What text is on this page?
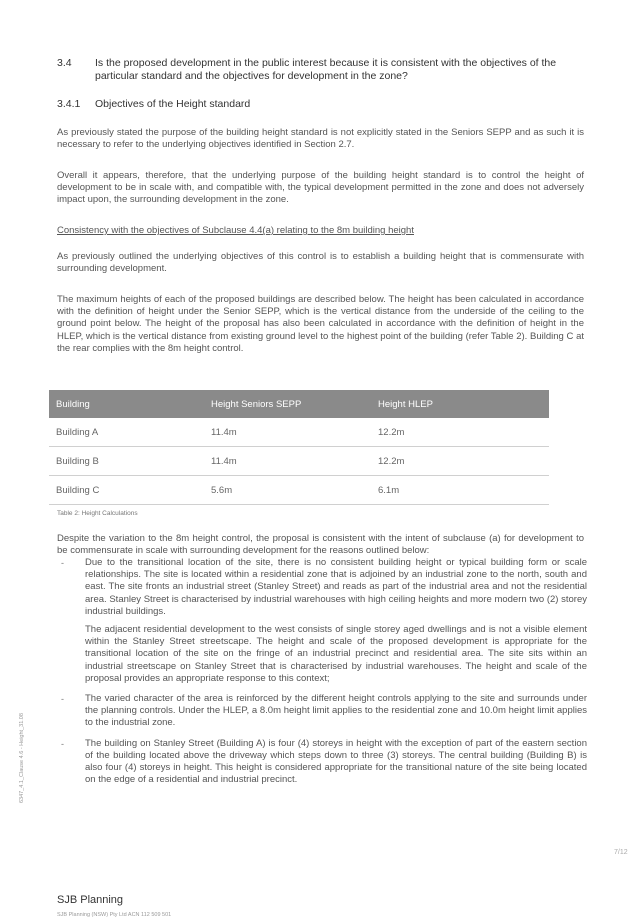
3.4 Is the proposed development in the public interest because it is consistent with the objectives of the particular standard and the objectives for development in the zone?
3.4.1 Objectives of the Height standard
As previously stated the purpose of the building height standard is not explicitly stated in the Seniors SEPP and as such it is necessary to refer to the underlying objectives identified in Section 2.7.
Overall it appears, therefore, that the underlying purpose of the building height standard is to control the height of development to be in scale with, and compatible with, the typical development permitted in the zone and does not adversely impact upon, the surrounding development in the zone.
Consistency with the objectives of Subclause 4.4(a) relating to the 8m building height
As previously outlined the underlying objectives of this control is to establish a building height that is commensurate with surrounding development.
The maximum heights of each of the proposed buildings are described below. The height has been calculated in accordance with the definition of height under the Senior SEPP, which is the vertical distance from the underside of the ceiling to the ground point below. The height of the proposal has also been calculated in accordance with the definition of height in the HLEP, which is the vertical distance from existing ground level to the highest point of the building (refer Table 2). Building C at the rear complies with the 8m height control.
Building	Height Seniors SEPP	Height HLEP
Building A	11.4m	12.2m
Building B	11.4m	12.2m
Building C	5.6m	6.1m
Table 2: Height Calculations
Despite the variation to the 8m height control, the proposal is consistent with the intent of subclause (a) for development to be commensurate in scale with surrounding development for the reasons outlined below:
- Due to the transitional location of the site, there is no consistent building height or typical building form or scale relationships. The site is located within a residential zone that is adjoined by an industrial zone to the north, south and east. The site fronts an industrial street (Stanley Street) and reads as part of the industrial area and not the residential area. Stanley Street is characterised by industrial warehouses with high ceiling heights and more modern two (2) storey industrial buildings.

The adjacent residential development to the west consists of single storey aged dwellings and is not a visible element within the Stanley Street streetscape. The height and scale of the proposed development is appropriate for the transitional location of the site on the fringe of an industrial precinct and residential area. The site sits within an industrial streetscape on Stanley Street that is characterised by industrial warehouses. The height and scale of the proposal provides an appropriate response to this context;

- The varied character of the area is reinforced by the different height controls applying to the site and surrounds under the planning controls. Under the HLEP, a 8.0m height limit applies to the residential zone and 10.0m height limit applies to the industrial zone.

- The building on Stanley Street (Building A) is four (4) storeys in height with the exception of part of the eastern section of the building located above the driveway which steps down to three (3) storeys. The central building (Building B) is also four (4) storeys in height. This height is considered appropriate for the transitional nature of the site being located on the edge of a residential and industrial precinct.

6347_4.1_Clause 4.6 - Height_31.08
7/12
SJB Planning
SJB Planning (NSW) Pty Ltd ACN 112 509 501
